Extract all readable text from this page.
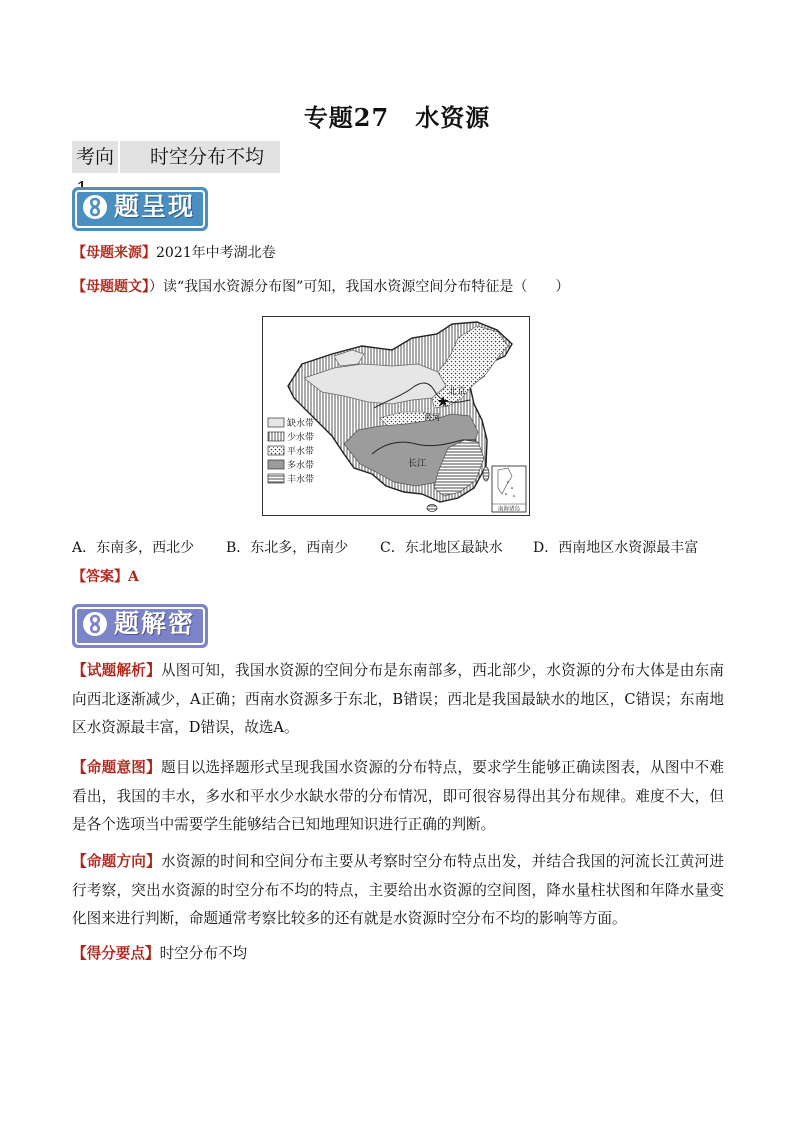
专题27 水资源
考向	时空分布不均
题呈现
【母题来源】2021年中考湖北卷
【母题题文】）读“我国水资源分布图”可知，我国水资源空间分布特征是（　　）
北京
黄河
长江
南海诸岛
缺水带
少水带
平水带
多水带
丰水带
A．东南多，西北少 B．东北多，西南少 C．东北地区最缺水 D．西南地区水资源最丰富
【答案】A
题解密
【试题解析】从图可知，我国水资源的空间分布是东南部多，西北部少，水资源的分布大体是由东南向西北逐渐减少，A正确；西南水资源多于东北，B错误；西北是我国最缺水的地区，C错误；东南地区水资源最丰富，D错误，故选A。
【命题意图】题目以选择题形式呈现我国水资源的分布特点，要求学生能够正确读图表，从图中不难看出，我国的丰水，多水和平水少水缺水带的分布情况，即可很容易得出其分布规律。难度不大，但是各个选项当中需要学生能够结合已知地理知识进行正确的判断。
【命题方向】水资源的时间和空间分布主要从考察时空分布特点出发，并结合我国的河流长江黄河进行考察，突出水资源的时空分布不均的特点，主要给出水资源的空间图，降水量柱状图和年降水量变化图来进行判断，命题通常考察比较多的还有就是水资源时空分布不均的影响等方面。
【得分要点】时空分布不均
